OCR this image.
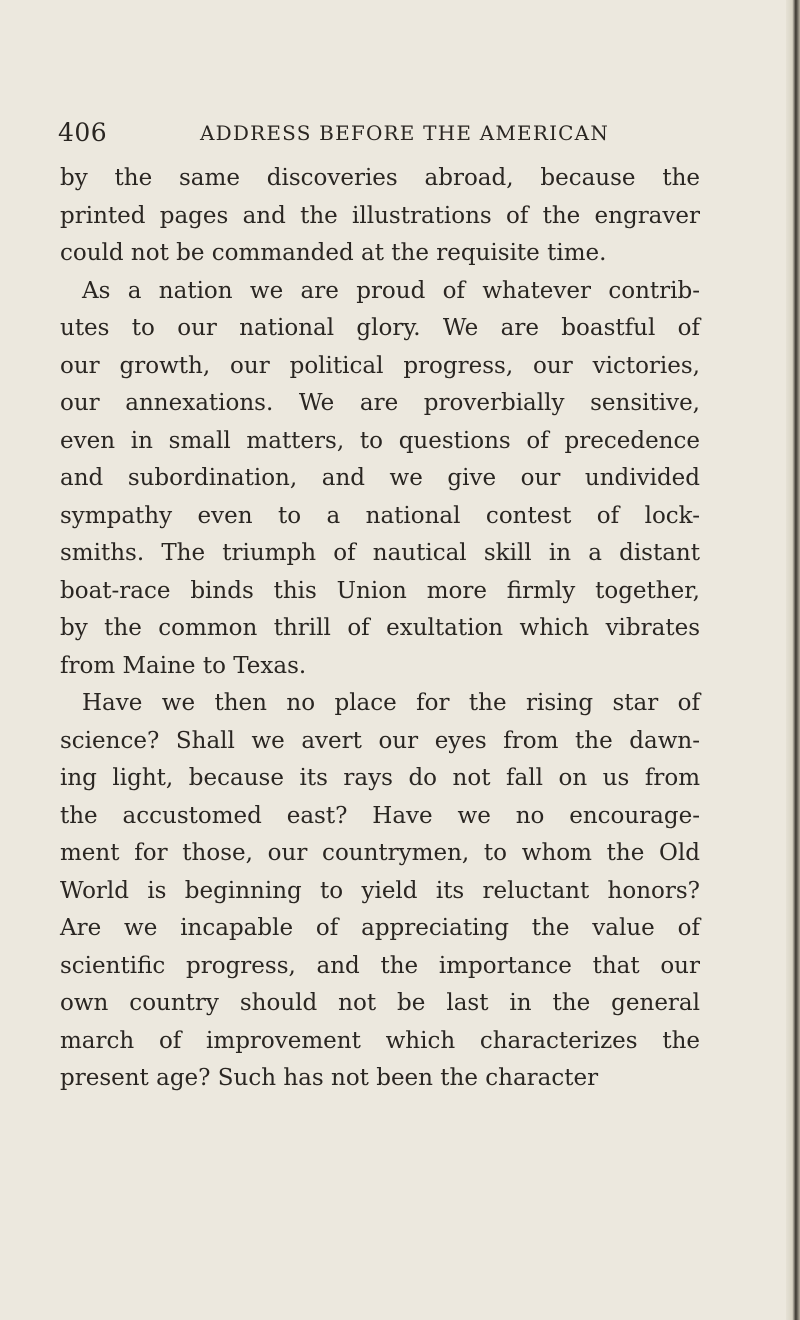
406	ADDRESS BEFORE THE AMERICAN
by the same discoveries abroad, because the
printed pages and the illustrations of the engraver
could not be commanded at the requisite time.
As a nation we are proud of whatever contrib-
utes to our national glory. We are boastful of
our growth, our political progress, our victories,
our annexations. We are proverbially sensitive,
even in small matters, to questions of precedence
and subordination, and we give our undivided
sympathy even to a national contest of lock-
smiths. The triumph of nautical skill in a distant
boat-race binds this Union more firmly together,
by the common thrill of exultation which vibrates
from Maine to Texas.
Have we then no place for the rising star of
science? Shall we avert our eyes from the dawn-
ing light, because its rays do not fall on us from
the accustomed east? Have we no encourage-
ment for those, our countrymen, to whom the Old
World is beginning to yield its reluctant honors?
Are we incapable of appreciating the value of
scientific progress, and the importance that our
own country should not be last in the general
march of improvement which characterizes the
present age? Such has not been the character
